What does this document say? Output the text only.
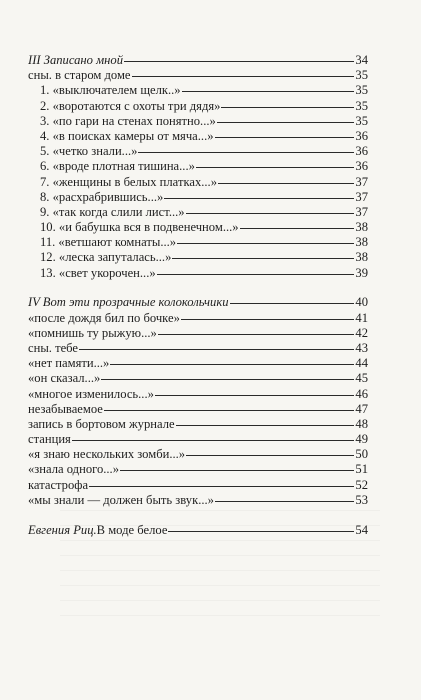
III Записано мной	34
сны. в старом доме	35
1. «выключателем щелк..»	35
2. «воротаются с охоты три дядя»	35
3. «по гари на стенах понятно...»	35
4. «в поисках камеры от мяча...»	36
5. «четко знали...»	36
6. «вроде плотная тишина...»	36
7. «женщины в белых платках...»	37
8. «расхрабрившись...»	37
9. «так когда слили лист...»	37
10. «и бабушка вся в подвенечном...»	38
11. «ветшают комнаты...»	38
12. «леска запуталась...»	38
13. «свет укорочен...»	39
IV Вот эти прозрачные колокольчики	40
«после дождя бил по бочке»	41
«помнишь ту рыжую...»	42
сны. тебе	43
«нет памяти...»	44
«он сказал...»	45
«многое изменилось...»	46
незабываемое	47
запись в бортовом журнале	48
станция	49
«я знаю нескольких зомби...»	50
«знала одного...»	51
катастрофа	52
«мы знали — должен быть звук...»	53
Евгения Риц. В моде белое	54
